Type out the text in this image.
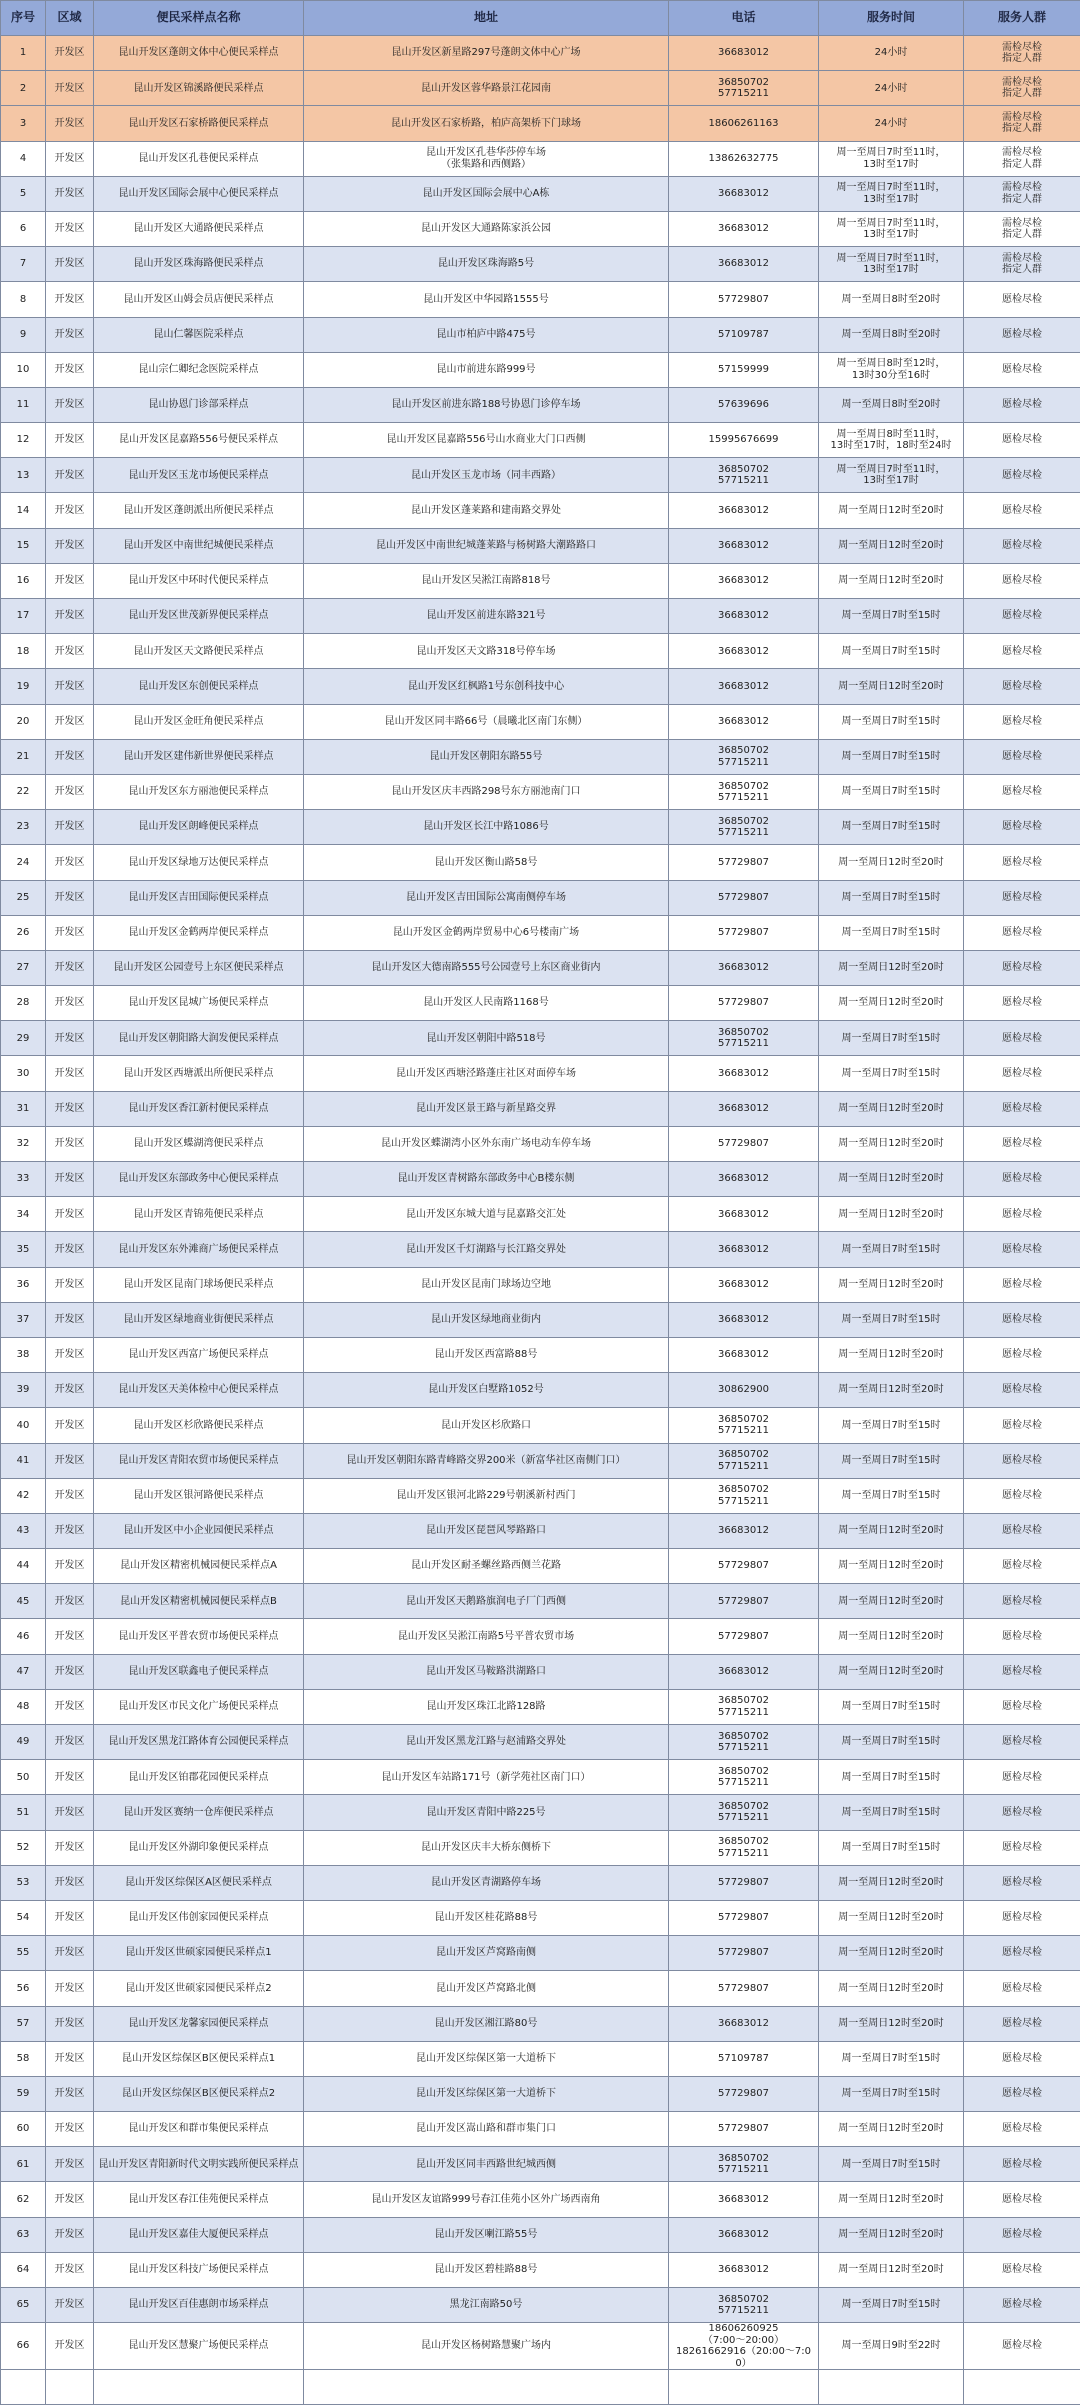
序号	区域	便民采样点名称	地址	电话	服务时间	服务人群
1	开发区	昆山开发区蓬朗文体中心便民采样点	昆山开发区新星路297号蓬朗文体中心广场	36683012	24小时	需检尽检
指定人群
2	开发区	昆山开发区锦溪路便民采样点	昆山开发区蓉华路景江花园南	36850702
57715211	24小时	需检尽检
指定人群
3	开发区	昆山开发区石家桥路便民采样点	昆山开发区石家桥路，柏庐高架桥下门球场	18606261163	24小时	需检尽检
指定人群
4	开发区	昆山开发区孔巷便民采样点	昆山开发区孔巷华莎停车场
（张集路和西侧路）	13862632775	周一至周日7时至11时，
13时至17时	需检尽检
指定人群
5	开发区	昆山开发区国际会展中心便民采样点	昆山开发区国际会展中心A栋	36683012	周一至周日7时至11时，
13时至17时	需检尽检
指定人群
6	开发区	昆山开发区大通路便民采样点	昆山开发区大通路陈家浜公园	36683012	周一至周日7时至11时，
13时至17时	需检尽检
指定人群
7	开发区	昆山开发区珠海路便民采样点	昆山开发区珠海路5号	36683012	周一至周日7时至11时，
13时至17时	需检尽检
指定人群
8	开发区	昆山开发区山姆会员店便民采样点	昆山开发区中华园路1555号	57729807	周一至周日8时至20时	愿检尽检
9	开发区	昆山仁馨医院采样点	昆山市柏庐中路475号	57109787	周一至周日8时至20时	愿检尽检
10	开发区	昆山宗仁卿纪念医院采样点	昆山市前进东路999号	57159999	周一至周日8时至12时，
13时30分至16时	愿检尽检
11	开发区	昆山协恩门诊部采样点	昆山开发区前进东路188号协恩门诊停车场	57639696	周一至周日8时至20时	愿检尽检
12	开发区	昆山开发区昆嘉路556号便民采样点	昆山开发区昆嘉路556号山水商业大门口西侧	15995676699	周一至周日8时至11时，
13时至17时，18时至24时	愿检尽检
13	开发区	昆山开发区玉龙市场便民采样点	昆山开发区玉龙市场（同丰西路）	36850702
57715211	周一至周日7时至11时，
13时至17时	愿检尽检
14	开发区	昆山开发区蓬朗派出所便民采样点	昆山开发区蓬莱路和建南路交界处	36683012	周一至周日12时至20时	愿检尽检
15	开发区	昆山开发区中南世纪城便民采样点	昆山开发区中南世纪城蓬莱路与杨树路大潮路路口	36683012	周一至周日12时至20时	愿检尽检
16	开发区	昆山开发区中环时代便民采样点	昆山开发区吴淞江南路818号	36683012	周一至周日12时至20时	愿检尽检
17	开发区	昆山开发区世茂新界便民采样点	昆山开发区前进东路321号	36683012	周一至周日7时至15时	愿检尽检
18	开发区	昆山开发区天文路便民采样点	昆山开发区天文路318号停车场	36683012	周一至周日7时至15时	愿检尽检
19	开发区	昆山开发区东创便民采样点	昆山开发区红枫路1号东创科技中心	36683012	周一至周日12时至20时	愿检尽检
20	开发区	昆山开发区金旺角便民采样点	昆山开发区同丰路66号（晨曦北区南门东侧）	36683012	周一至周日7时至15时	愿检尽检
21	开发区	昆山开发区建伟新世界便民采样点	昆山开发区朝阳东路55号	36850702
57715211	周一至周日7时至15时	愿检尽检
22	开发区	昆山开发区东方丽池便民采样点	昆山开发区庆丰西路298号东方丽池南门口	36850702
57715211	周一至周日7时至15时	愿检尽检
23	开发区	昆山开发区朗峰便民采样点	昆山开发区长江中路1086号	36850702
57715211	周一至周日7时至15时	愿检尽检
24	开发区	昆山开发区绿地万达便民采样点	昆山开发区衡山路58号	57729807	周一至周日12时至20时	愿检尽检
25	开发区	昆山开发区吉田国际便民采样点	昆山开发区吉田国际公寓南侧停车场	57729807	周一至周日7时至15时	愿检尽检
26	开发区	昆山开发区金鹤两岸便民采样点	昆山开发区金鹤两岸贸易中心6号楼南广场	57729807	周一至周日7时至15时	愿检尽检
27	开发区	昆山开发区公园壹号上东区便民采样点	昆山开发区大德南路555号公园壹号上东区商业街内	36683012	周一至周日12时至20时	愿检尽检
28	开发区	昆山开发区昆城广场便民采样点	昆山开发区人民南路1168号	57729807	周一至周日12时至20时	愿检尽检
29	开发区	昆山开发区朝阳路大润发便民采样点	昆山开发区朝阳中路518号	36850702
57715211	周一至周日7时至15时	愿检尽检
30	开发区	昆山开发区西塘派出所便民采样点	昆山开发区西塘泾路蓬庄社区对面停车场	36683012	周一至周日7时至15时	愿检尽检
31	开发区	昆山开发区香江新村便民采样点	昆山开发区景王路与新星路交界	36683012	周一至周日12时至20时	愿检尽检
32	开发区	昆山开发区蝶湖湾便民采样点	昆山开发区蝶湖湾小区外东南广场电动车停车场	57729807	周一至周日12时至20时	愿检尽检
33	开发区	昆山开发区东部政务中心便民采样点	昆山开发区青树路东部政务中心B楼东侧	36683012	周一至周日12时至20时	愿检尽检
34	开发区	昆山开发区青锦苑便民采样点	昆山开发区东城大道与昆嘉路交汇处	36683012	周一至周日12时至20时	愿检尽检
35	开发区	昆山开发区东外滩商广场便民采样点	昆山开发区千灯湖路与长江路交界处	36683012	周一至周日7时至15时	愿检尽检
36	开发区	昆山开发区昆南门球场便民采样点	昆山开发区昆南门球场边空地	36683012	周一至周日12时至20时	愿检尽检
37	开发区	昆山开发区绿地商业街便民采样点	昆山开发区绿地商业街内	36683012	周一至周日7时至15时	愿检尽检
38	开发区	昆山开发区西富广场便民采样点	昆山开发区西富路88号	36683012	周一至周日12时至20时	愿检尽检
39	开发区	昆山开发区天美体检中心便民采样点	昆山开发区白墅路1052号	30862900	周一至周日12时至20时	愿检尽检
40	开发区	昆山开发区杉欣路便民采样点	昆山开发区杉欣路口	36850702
57715211	周一至周日7时至15时	愿检尽检
41	开发区	昆山开发区青阳农贸市场便民采样点	昆山开发区朝阳东路青峰路交界200米（新富华社区南侧门口）	36850702
57715211	周一至周日7时至15时	愿检尽检
42	开发区	昆山开发区银河路便民采样点	昆山开发区银河北路229号朝溪新村西门	36850702
57715211	周一至周日7时至15时	愿检尽检
43	开发区	昆山开发区中小企业园便民采样点	昆山开发区琵琶风琴路路口	36683012	周一至周日12时至20时	愿检尽检
44	开发区	昆山开发区精密机械园便民采样点A	昆山开发区耐圣螺丝路西侧兰花路	57729807	周一至周日12时至20时	愿检尽检
45	开发区	昆山开发区精密机械园便民采样点B	昆山开发区天鹅路旗润电子厂门西侧	57729807	周一至周日12时至20时	愿检尽检
46	开发区	昆山开发区平普农贸市场便民采样点	昆山开发区吴淞江南路5号平普农贸市场	57729807	周一至周日12时至20时	愿检尽检
47	开发区	昆山开发区联鑫电子便民采样点	昆山开发区马鞍路洪湖路口	36683012	周一至周日12时至20时	愿检尽检
48	开发区	昆山开发区市民文化广场便民采样点	昆山开发区珠江北路128路	36850702
57715211	周一至周日7时至15时	愿检尽检
49	开发区	昆山开发区黑龙江路体育公园便民采样点	昆山开发区黑龙江路与赵浦路交界处	36850702
57715211	周一至周日7时至15时	愿检尽检
50	开发区	昆山开发区铂郡花园便民采样点	昆山开发区车站路171号（新学苑社区南门口）	36850702
57715211	周一至周日7时至15时	愿检尽检
51	开发区	昆山开发区赛纳一仓库便民采样点	昆山开发区青阳中路225号	36850702
57715211	周一至周日7时至15时	愿检尽检
52	开发区	昆山开发区外湖印象便民采样点	昆山开发区庆丰大桥东侧桥下	36850702
57715211	周一至周日7时至15时	愿检尽检
53	开发区	昆山开发区综保区A区便民采样点	昆山开发区青湖路停车场	57729807	周一至周日12时至20时	愿检尽检
54	开发区	昆山开发区伟创家园便民采样点	昆山开发区桂花路88号	57729807	周一至周日12时至20时	愿检尽检
55	开发区	昆山开发区世硕家园便民采样点1	昆山开发区芦窝路南侧	57729807	周一至周日12时至20时	愿检尽检
56	开发区	昆山开发区世硕家园便民采样点2	昆山开发区芦窝路北侧	57729807	周一至周日12时至20时	愿检尽检
57	开发区	昆山开发区龙馨家园便民采样点	昆山开发区湘江路80号	36683012	周一至周日12时至20时	愿检尽检
58	开发区	昆山开发区综保区B区便民采样点1	昆山开发区综保区第一大道桥下	57109787	周一至周日7时至15时	愿检尽检
59	开发区	昆山开发区综保区B区便民采样点2	昆山开发区综保区第一大道桥下	57729807	周一至周日7时至15时	愿检尽检
60	开发区	昆山开发区和群市集便民采样点	昆山开发区嵩山路和群市集门口	57729807	周一至周日12时至20时	愿检尽检
61	开发区	昆山开发区青阳新时代文明实践所便民采样点	昆山开发区同丰西路世纪城西侧	36850702
57715211	周一至周日7时至15时	愿检尽检
62	开发区	昆山开发区春江佳苑便民采样点	昆山开发区友谊路999号春江佳苑小区外广场西南角	36683012	周一至周日12时至20时	愿检尽检
63	开发区	昆山开发区嘉佳大厦便民采样点	昆山开发区喇江路55号	36683012	周一至周日12时至20时	愿检尽检
64	开发区	昆山开发区科技广场便民采样点	昆山开发区碧桂路88号	36683012	周一至周日12时至20时	愿检尽检
65	开发区	昆山开发区百佳惠朗市场采样点	黑龙江南路50号	36850702
57715211	周一至周日7时至15时	愿检尽检
66	开发区	昆山开发区慧聚广场便民采样点	昆山开发区杨树路慧聚广场内	18606260925
（7:00～20:00）
18261662916（20:00～7:00）	周一至周日9时至22时	愿检尽检
